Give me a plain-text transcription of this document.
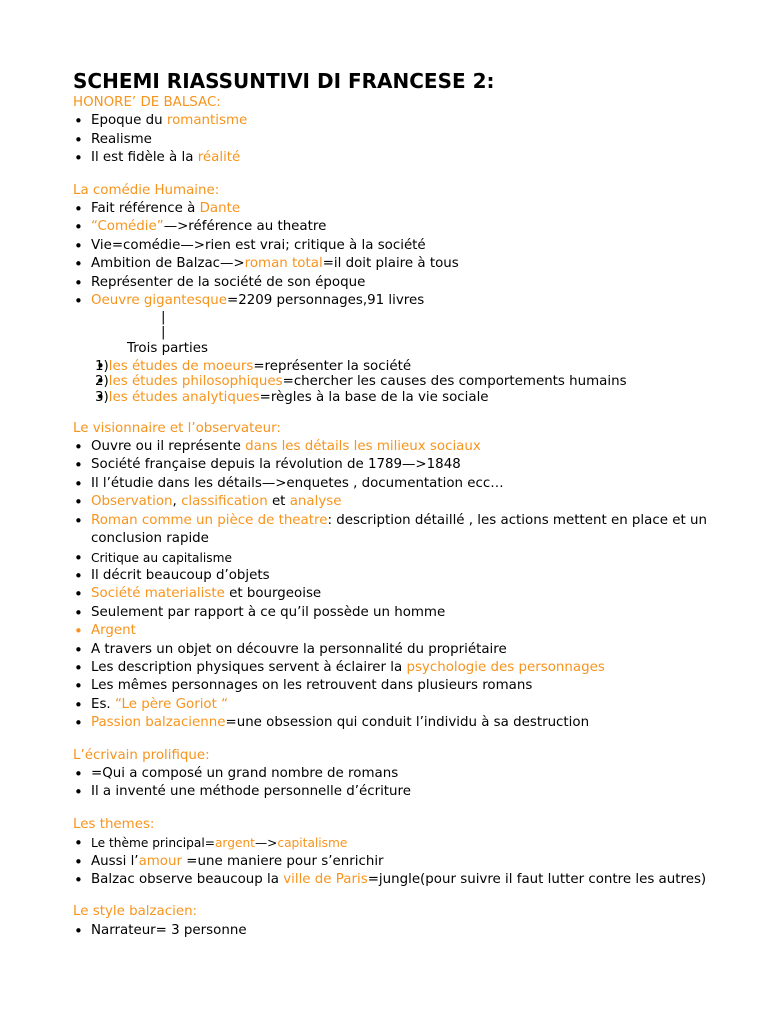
SCHEMI RIASSUNTIVI DI FRANCESE 2:
HONORE’ DE BALSAC:
• Epoque du romantisme
• Realisme
• Il est fidèle à la réalité
La comédie Humaine:
• Fait référence à Dante
• “Comédie”—>référence au theatre
• Vie=comédie—>rien est vrai; critique à la société
• Ambition de Balzac—>roman total=il doit plaire à tous
• Représenter de la société de son époque
• Oeuvre gigantesque=2209 personnages,91 livres
|
|
Trois parties
• 1)les études de moeurs=représenter la société
• 2)les études philosophiques=chercher les causes des comportements humains
• 3)les études analytiques=règles à la base de la vie sociale
Le visionnaire et l’observateur:
• Ouvre ou il représente dans les détails les milieux sociaux
• Société française depuis la révolution de 1789—>1848
• Il l’étudie dans les détails—>enquetes , documentation ecc…
• Observation, classification et analyse
• Roman comme un pièce de theatre: description détaillé , les actions mettent en place et un conclusion rapide
• Critique au capitalisme
• Il décrit beaucoup d’objets
• Société materialiste et bourgeoise
• Seulement par rapport à ce qu’il possède un homme
• Argent
• A travers un objet on découvre la personnalité du propriétaire
• Les description physiques servent à éclairer la psychologie des personnages
• Les mêmes personnages on les retrouvent dans plusieurs romans
• Es. “Le père Goriot “
• Passion balzacienne=une obsession qui conduit l’individu à sa destruction
L’écrivain prolifique:
• =Qui a composé un grand nombre de romans
• Il a inventé une méthode personnelle d’écriture
Les themes:
• Le thème principal=argent—>capitalisme
• Aussi l’amour =une maniere pour s’enrichir
• Balzac observe beaucoup la ville de Paris=jungle(pour suivre il faut lutter contre les autres)
Le style balzacien:
• Narrateur= 3 personne
